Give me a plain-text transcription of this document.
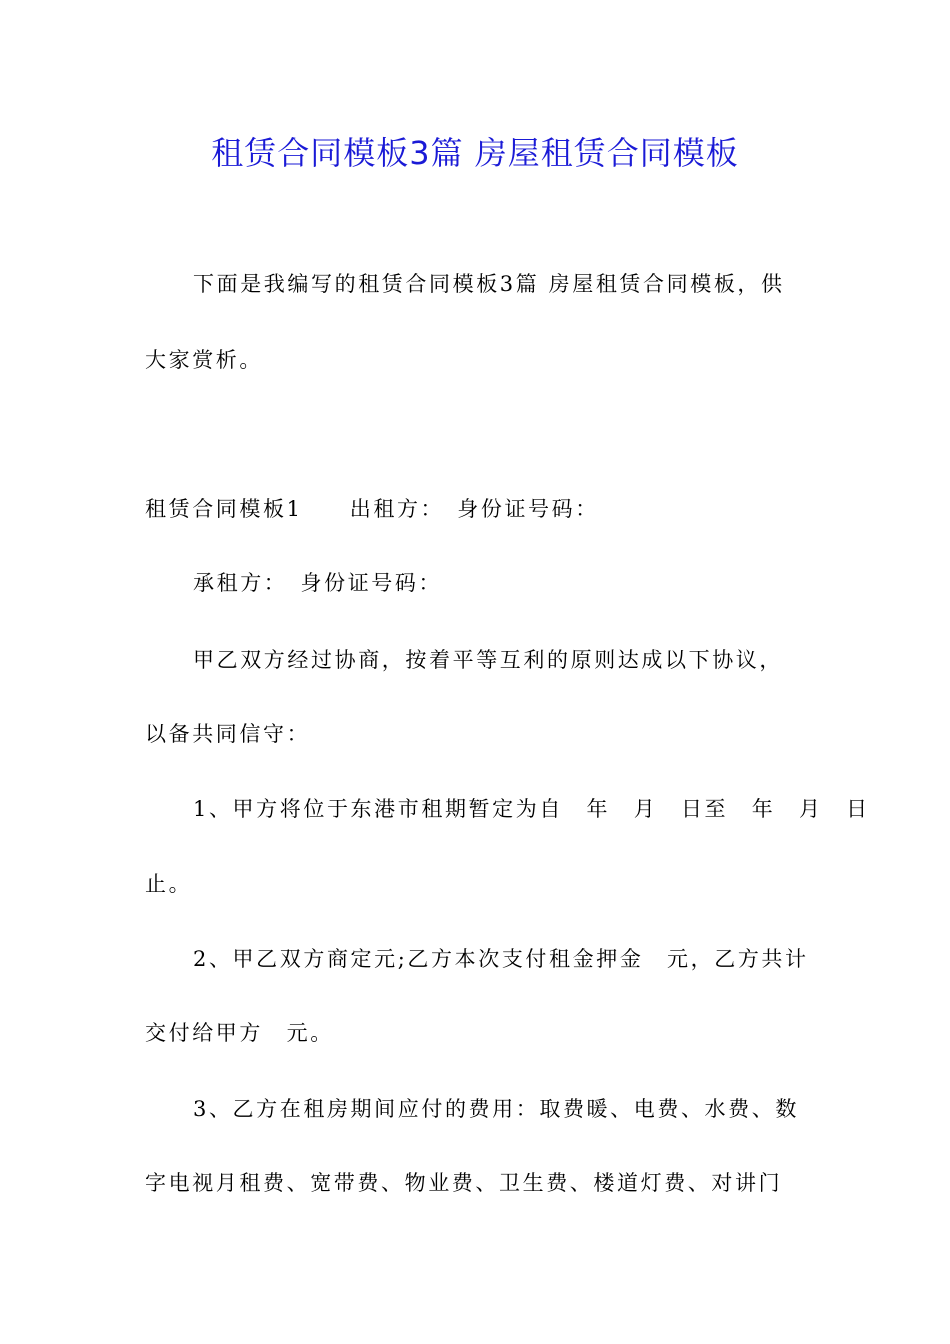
租赁合同模板3篇 房屋租赁合同模板
下面是我编写的租赁合同模板3篇 房屋租赁合同模板，供
大家赏析。
租赁合同模板1　　出租方：　身份证号码：
承租方：　身份证号码：
甲乙双方经过协商，按着平等互利的原则达成以下协议，
以备共同信守：
1、甲方将位于东港市租期暂定为自　年　月　日至　年　月　日
止。
2、甲乙双方商定元;乙方本次支付租金押金　元，乙方共计
交付给甲方　元。
3、乙方在租房期间应付的费用：取费暖、电费、水费、数
字电视月租费、宽带费、物业费、卫生费、楼道灯费、对讲门
